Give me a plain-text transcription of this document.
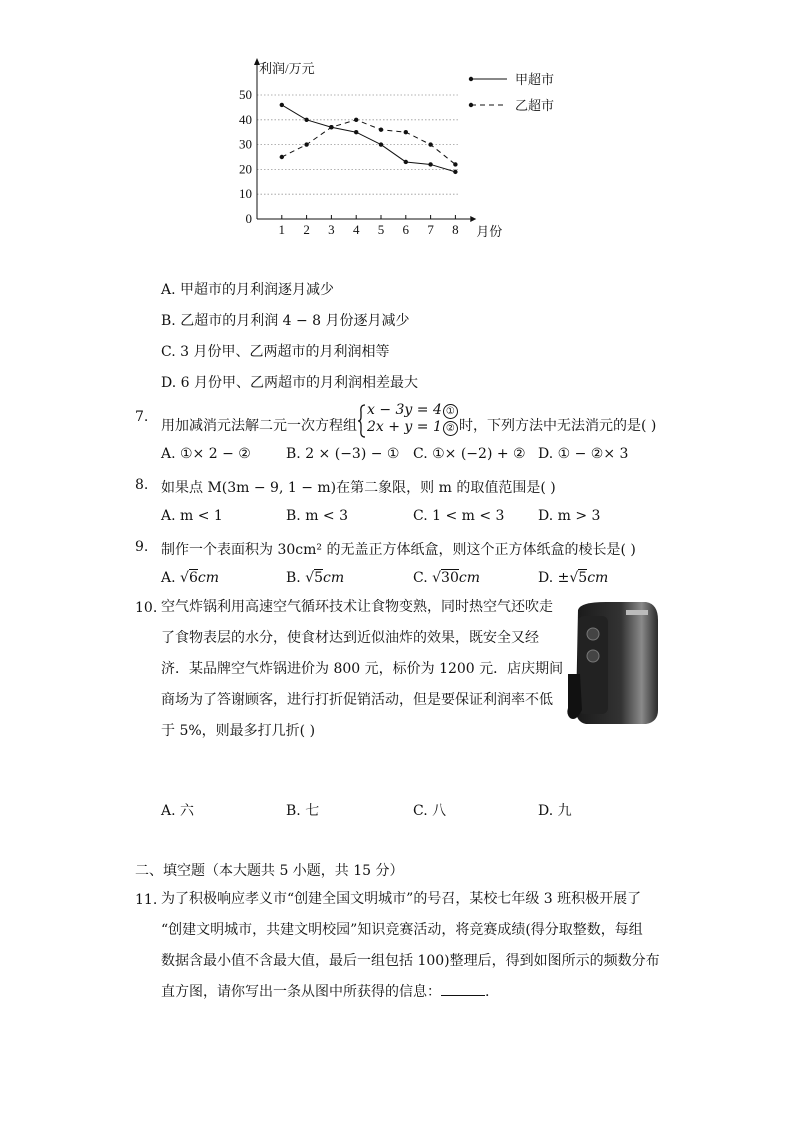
0
10
20
30
40
50
1 2 3 4 5 6 7 8
利润/万元
月份
甲超市
乙超市
A. 甲超市的月利润逐月减少
B. 乙超市的月利润 4 − 8 月份逐月减少
C. 3 月份甲、乙两超市的月利润相等
D. 6 月份甲、乙两超市的月利润相差最大
7.
用加减消元法解二元一次方程组
x − 3y = 4 ①
2x + y = 1 ② 时，下列方法中无法消元的是( )
A. ①× 2 − ②	B. 2 × (−3) − ① C. ①× (−2) + ② D. ① − ②× 3
8. 如果点 M(3m − 9, 1 − m)在第二象限，则 m 的取值范围是( )
A. m < 1	B. m < 3	C. 1 < m < 3 D. m > 3
9. 制作一个表面积为 30cm² 的无盖正方体纸盒，则这个正方体纸盒的棱长是( )
A. √6cm	B. √5cm	C. √30cm	D. ±√5cm
10. 空气炸锅利用高速空气循环技术让食物变熟，同时热空气还吹走
了食物表层的水分，使食材达到近似油炸的效果，既安全又经
济．某品牌空气炸锅进价为 800 元，标价为 1200 元．店庆期间
商场为了答谢顾客，进行打折促销活动，但是要保证利润率不低
于 5%，则最多打几折( )
A. 六	B. 七	C. 八	D. 九
二、填空题（本大题共 5 小题，共 15 分）
11. 为了积极响应孝义市“创建全国文明城市”的号召，某校七年级 3 班积极开展了
“创建文明城市，共建文明校园”知识竞赛活动，将竞赛成绩(得分取整数，每组
数据含最小值不含最大值，最后一组包括 100)整理后，得到如图所示的频数分布
直方图，请你写出一条从图中所获得的信息：	.
